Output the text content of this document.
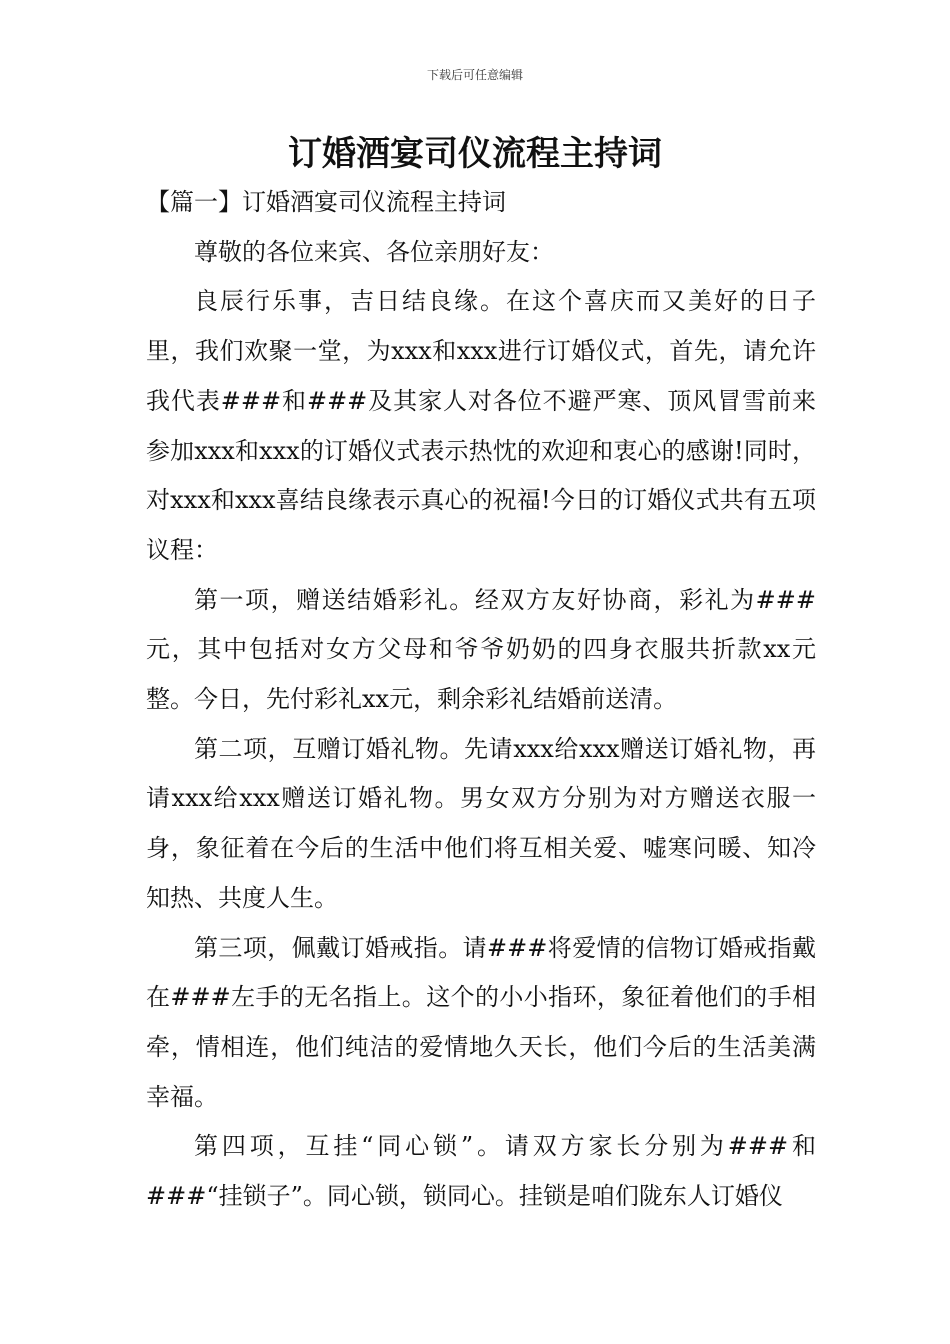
下载后可任意编辑
订婚酒宴司仪流程主持词

【篇一】订婚酒宴司仪流程主持词

尊敬的各位来宾、各位亲朋好友：

良辰行乐事，吉日结良缘。在这个喜庆而又美好的日子里，我们欢聚一堂，为xxx和xxx进行订婚仪式，首先，请允许我代表###和###及其家人对各位不避严寒、顶风冒雪前来参加xxx和xxx的订婚仪式表示热忱的欢迎和衷心的感谢!同时，对xxx和xxx喜结良缘表示真心的祝福!今日的订婚仪式共有五项议程：

第一项，赠送结婚彩礼。经双方友好协商，彩礼为###元，其中包括对女方父母和爷爷奶奶的四身衣服共折款xx元整。今日，先付彩礼xx元，剩余彩礼结婚前送清。

第二项，互赠订婚礼物。先请xxx给xxx赠送订婚礼物，再请xxx给xxx赠送订婚礼物。男女双方分别为对方赠送衣服一身，象征着在今后的生活中他们将互相关爱、嘘寒问暖、知冷知热、共度人生。

第三项，佩戴订婚戒指。请###将爱情的信物订婚戒指戴在###左手的无名指上。这个的小小指环，象征着他们的手相牵，情相连，他们纯洁的爱情地久天长，他们今后的生活美满幸福。

第四项，互挂“同心锁”。请双方家长分别为###和###“挂锁子”。同心锁，锁同心。挂锁是咱们陇东人订婚仪
